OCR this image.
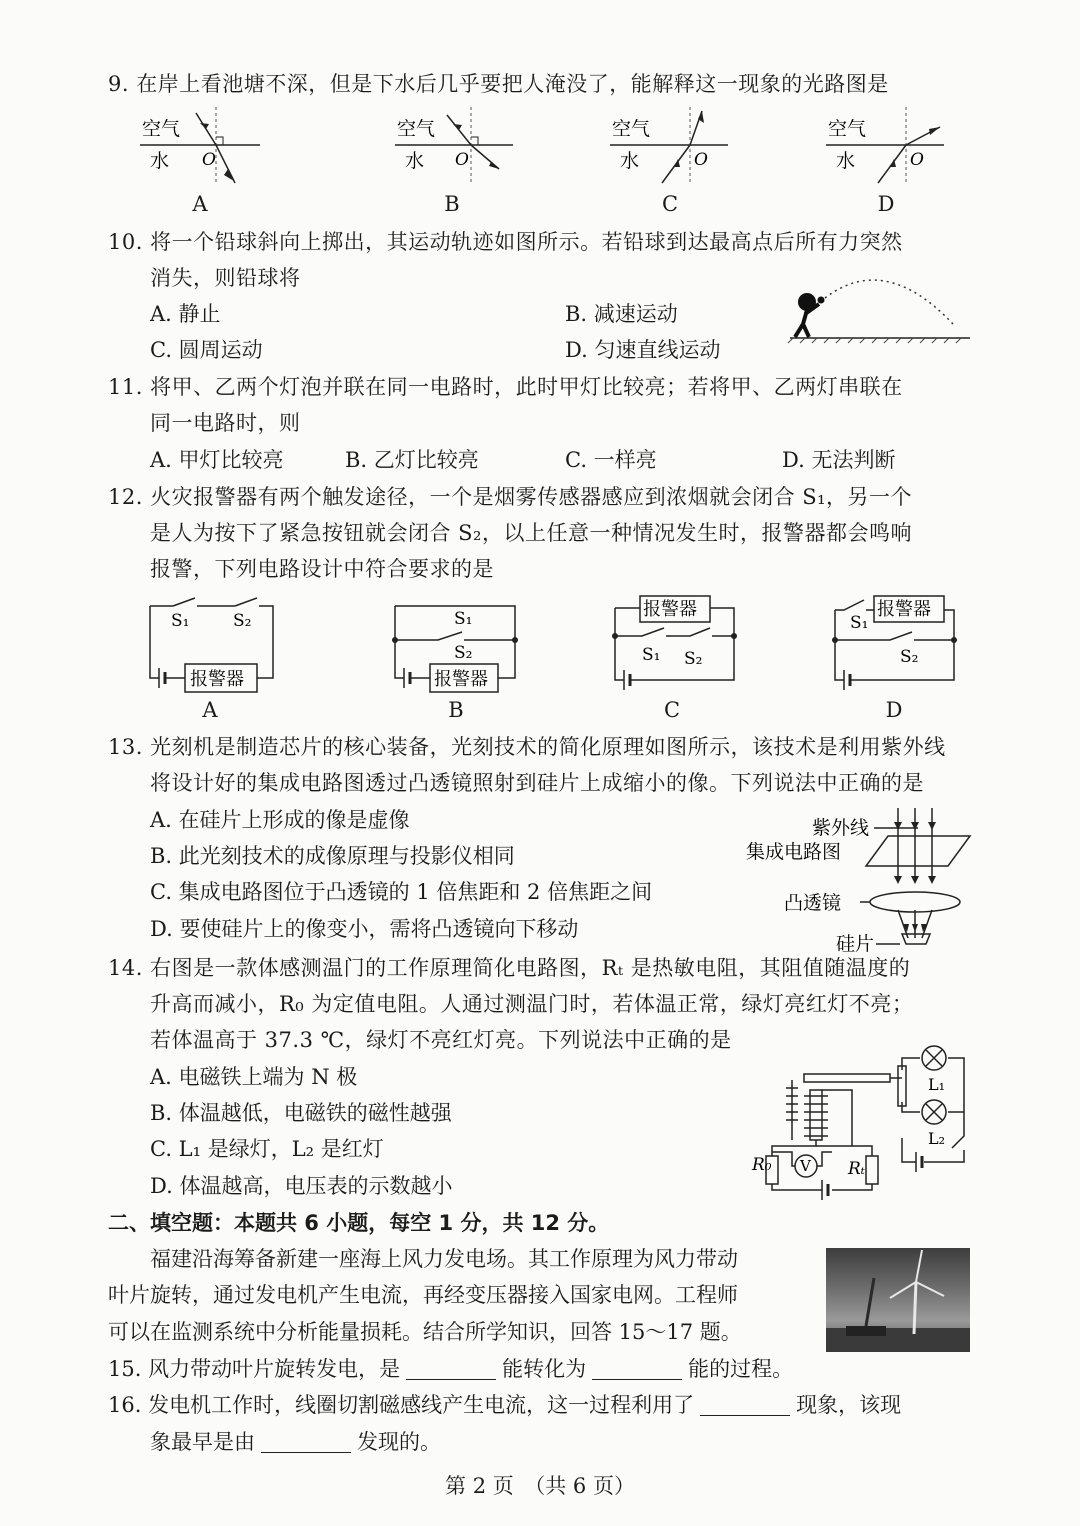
9. 在岸上看池塘不深，但是下水后几乎要把人淹没了，能解释这一现象的光路图是
空气
水 O
A
空气
水 O
B
空气
水	O
C
空气
水	O
D
10. 将一个铅球斜向上掷出，其运动轨迹如图所示。若铅球到达最高点后所有力突然
消失，则铅球将
A. 静止	B. 减速运动
C. 圆周运动	D. 匀速直线运动
11. 将甲、乙两个灯泡并联在同一电路时，此时甲灯比较亮；若将甲、乙两灯串联在
同一电路时，则
A. 甲灯比较亮	B. 乙灯比较亮	C. 一样亮	D. 无法判断
12. 火灾报警器有两个触发途径，一个是烟雾传感器感应到浓烟就会闭合 S₁，另一个
是人为按下了紧急按钮就会闭合 S₂，以上任意一种情况发生时，报警器都会鸣响
报警，下列电路设计中符合要求的是
S₁	S₂
报警器
A
S₁
S₂
报警器
B
报警器
S₁ S₂
C
报警器
S₁
S₂
D
13. 光刻机是制造芯片的核心装备，光刻技术的简化原理如图所示，该技术是利用紫外线
将设计好的集成电路图透过凸透镜照射到硅片上成缩小的像。下列说法中正确的是
A. 在硅片上形成的像是虚像
B. 此光刻技术的成像原理与投影仪相同
C. 集成电路图位于凸透镜的 1 倍焦距和 2 倍焦距之间
D. 要使硅片上的像变小，需将凸透镜向下移动
紫外线
集成电路图
凸透镜
硅片
14. 右图是一款体感测温门的工作原理简化电路图，Rₜ 是热敏电阻，其阻值随温度的
升高而减小，R₀ 为定值电阻。人通过测温门时，若体温正常，绿灯亮红灯不亮；
若体温高于 37.3 ℃，绿灯不亮红灯亮。下列说法中正确的是
A. 电磁铁上端为 N 极
B. 体温越低，电磁铁的磁性越强
C. L₁ 是绿灯，L₂ 是红灯
D. 体温越高，电压表的示数越小
V
R₀	Rₜ
L₁
L₂
二、填空题：本题共 6 小题，每空 1 分，共 12 分。
福建沿海筹备新建一座海上风力发电场。其工作原理为风力带动
叶片旋转，通过发电机产生电流，再经变压器接入国家电网。工程师
可以在监测系统中分析能量损耗。结合所学知识，回答 15～17 题。
15. 风力带动叶片旋转发电，是	能转化为	能的过程。
16. 发电机工作时，线圈切割磁感线产生电流，这一过程利用了	现象，该现
象最早是由	发现的。
第 2 页　（共 6 页）
